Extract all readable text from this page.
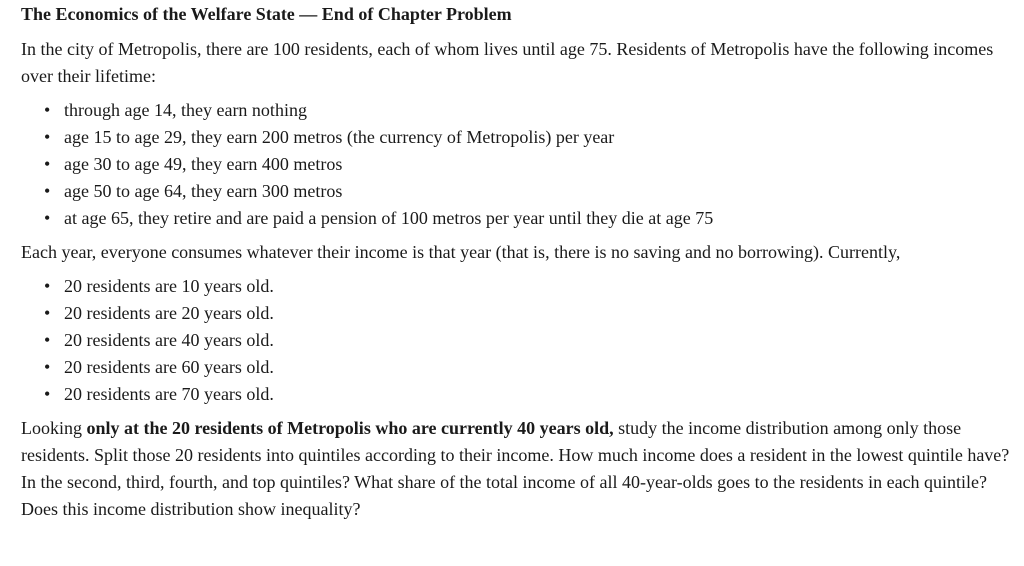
The Economics of the Welfare State — End of Chapter Problem

In the city of Metropolis, there are 100 residents, each of whom lives until age 75. Residents of Metropolis have the following incomes over their lifetime:

• through age 14, they earn nothing
• age 15 to age 29, they earn 200 metros (the currency of Metropolis) per year
• age 30 to age 49, they earn 400 metros
• age 50 to age 64, they earn 300 metros
• at age 65, they retire and are paid a pension of 100 metros per year until they die at age 75

Each year, everyone consumes whatever their income is that year (that is, there is no saving and no borrowing). Currently,

• 20 residents are 10 years old.
• 20 residents are 20 years old.
• 20 residents are 40 years old.
• 20 residents are 60 years old.
• 20 residents are 70 years old.

Looking only at the 20 residents of Metropolis who are currently 40 years old, study the income distribution among only those residents. Split those 20 residents into quintiles according to their income. How much income does a resident in the lowest quintile have? In the second, third, fourth, and top quintiles? What share of the total income of all 40-year-olds goes to the residents in each quintile? Does this income distribution show inequality?
